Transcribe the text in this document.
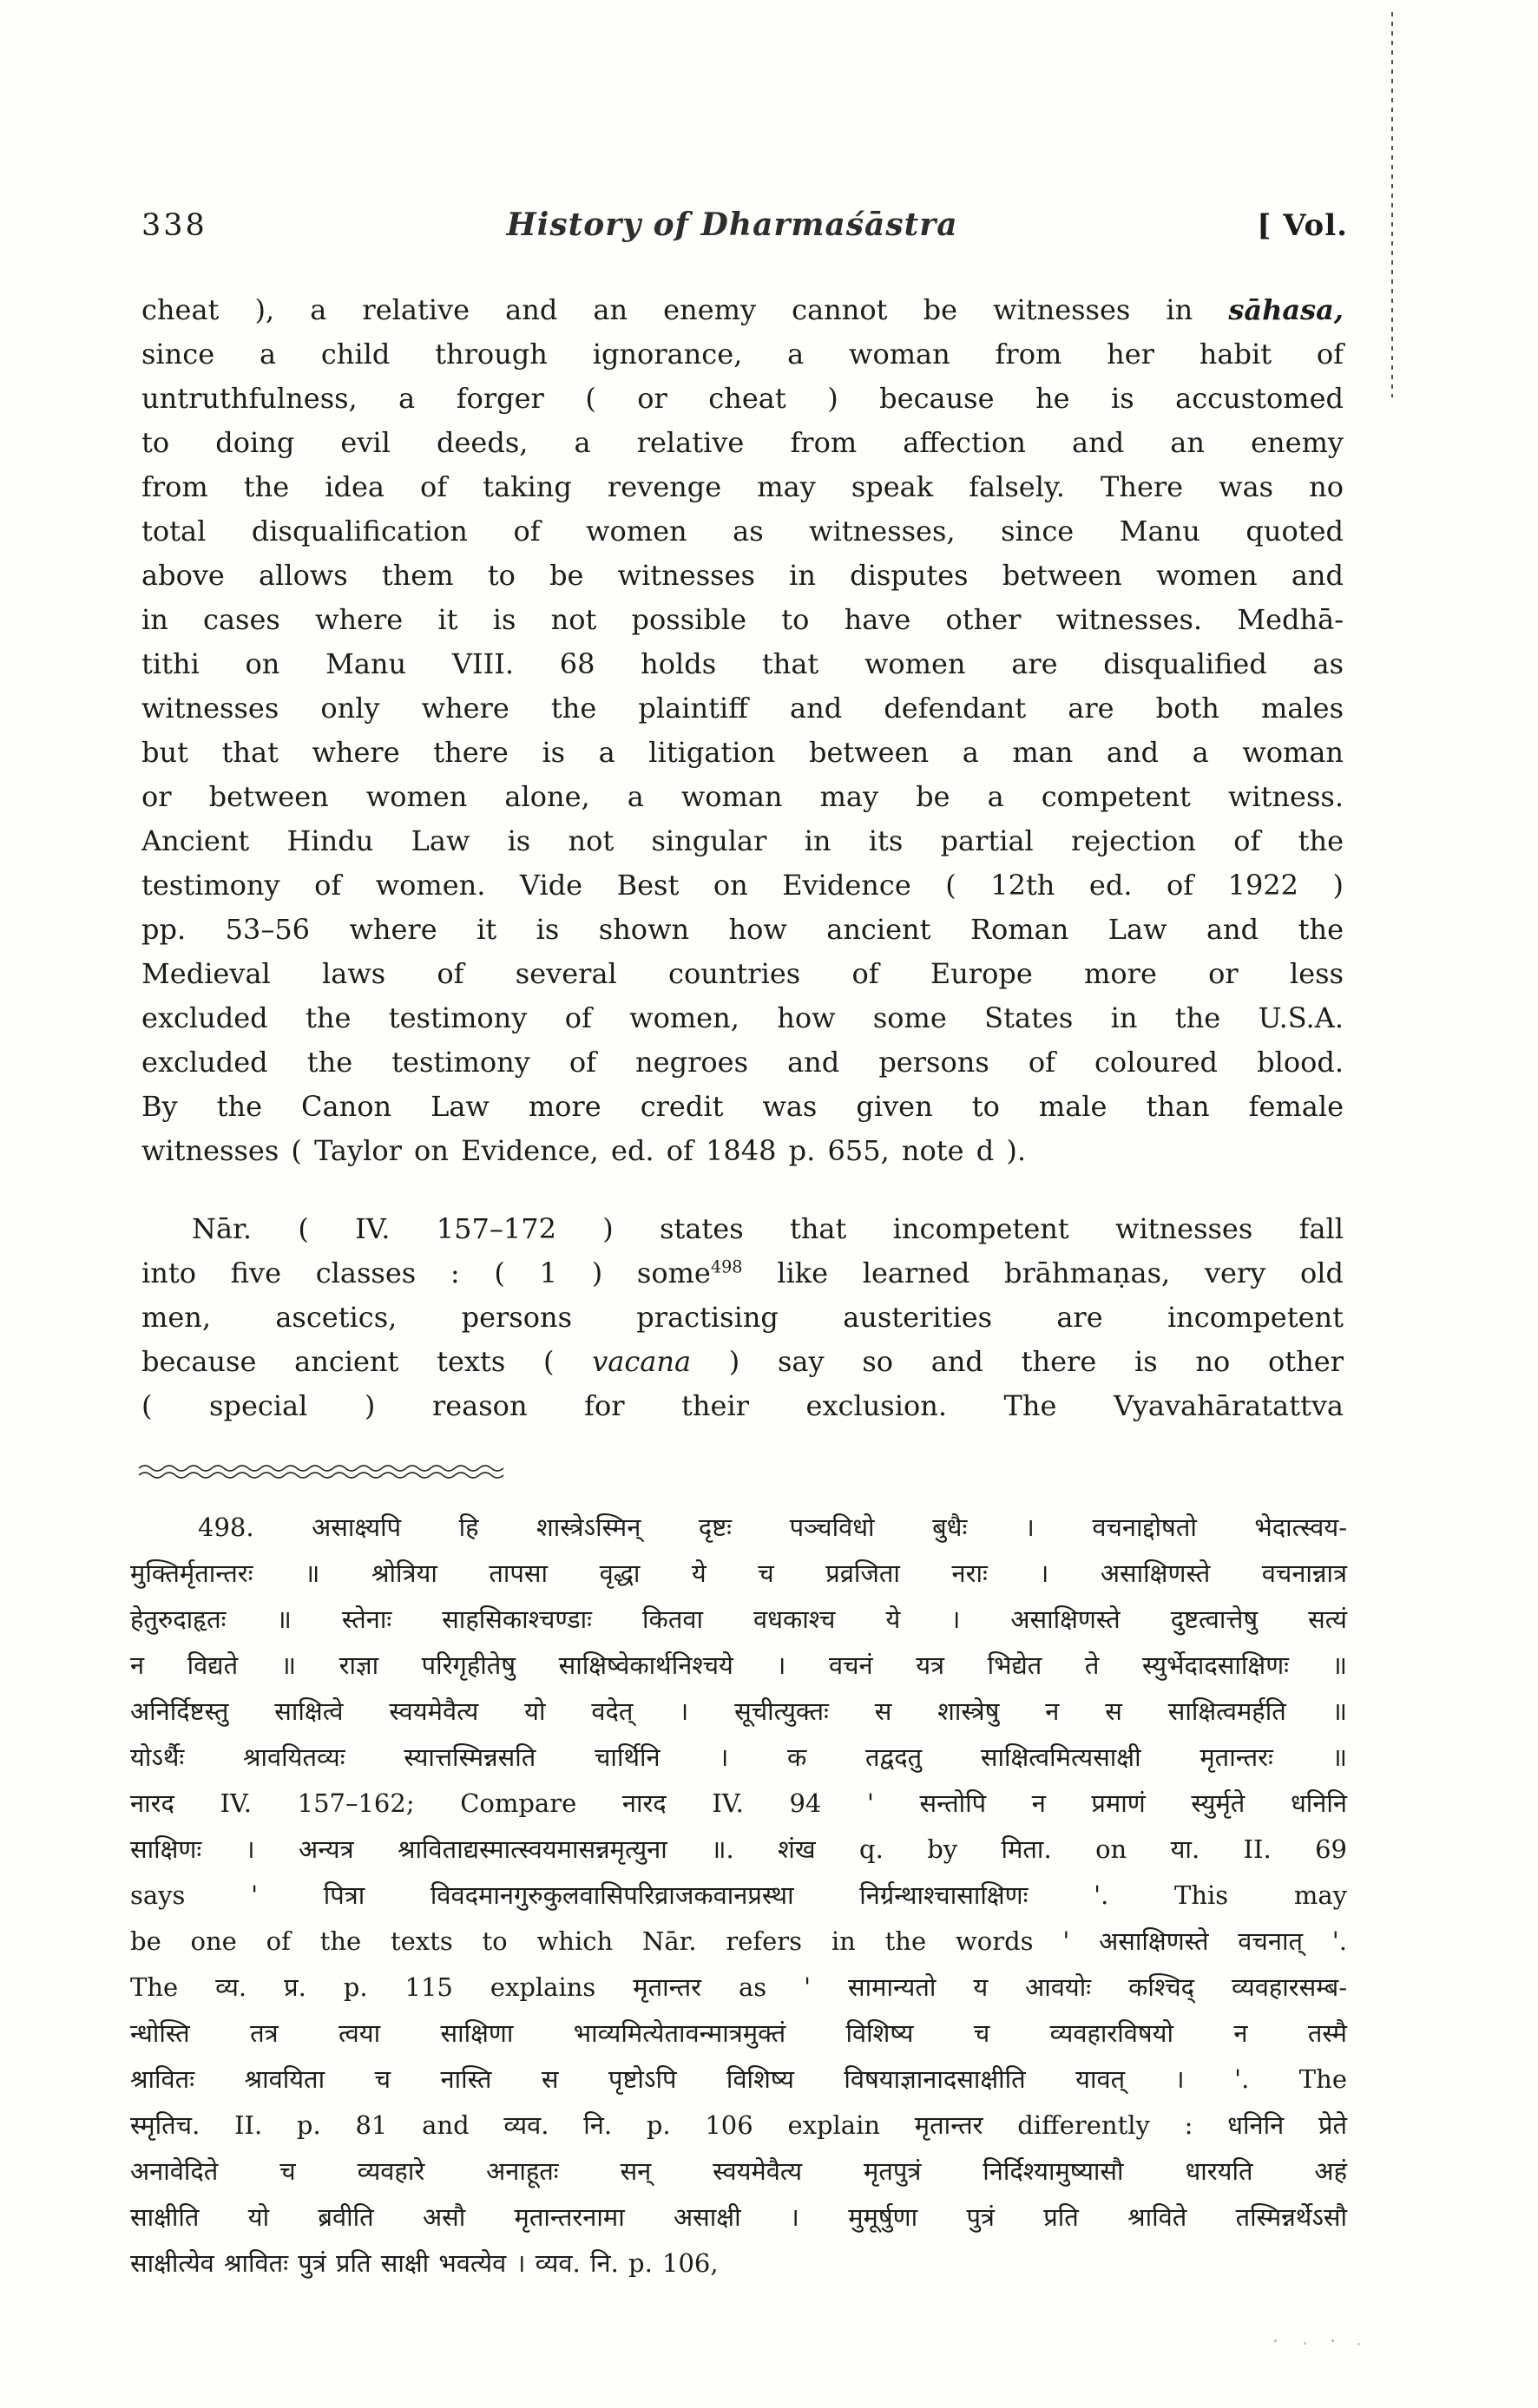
338	History of Dharmaśāstra	[ Vol.
cheat ), a relative and an enemy cannot be witnesses in sāhasa,
since a child through ignorance, a woman from her habit of
untruthfulness, a forger ( or cheat ) because he is accustomed
to doing evil deeds, a relative from affection and an enemy
from the idea of taking revenge may speak falsely. There was no
total disqualification of women as witnesses, since Manu quoted
above allows them to be witnesses in disputes between women and
in cases where it is not possible to have other witnesses. Medhā-
tithi on Manu VIII. 68 holds that women are disqualified as
witnesses only where the plaintiff and defendant are both males
but that where there is a litigation between a man and a woman
or between women alone, a woman may be a competent witness.
Ancient Hindu Law is not singular in its partial rejection of the
testimony of women. Vide Best on Evidence ( 12th ed. of 1922 )
pp. 53–56 where it is shown how ancient Roman Law and the
Medieval laws of several countries of Europe more or less
excluded the testimony of women, how some States in the U.S.A.
excluded the testimony of negroes and persons of coloured blood.
By the Canon Law more credit was given to male than female
witnesses ( Taylor on Evidence, ed. of 1848 p. 655, note d ).
Nār. ( IV. 157–172 ) states that incompetent witnesses fall
into five classes : ( 1 ) some$^{498}$ like learned brāhmaṇas, very old
men, ascetics, persons practising austerities are incompetent
because ancient texts ( vacana ) say so and there is no other
( special ) reason for their exclusion. The Vyavahāratattva
498. असाक्ष्यपि हि शास्त्रेऽस्मिन् दृष्टः पञ्चविधो बुधैः । वचनाद्दोषतो भेदात्स्वय-
मुक्तिर्मृतान्तरः ॥ श्रोत्रिया तापसा वृद्धा ये च प्रव्रजिता नराः । असाक्षिणस्ते वचनान्नात्र
हेतुरुदाहृतः ॥ स्तेनाः साहसिकाश्चण्डाः कितवा वधकाश्च ये । असाक्षिणस्ते दुष्टत्वात्तेषु सत्यं
न विद्यते ॥ राज्ञा परिगृहीतेषु साक्षिष्वेकार्थनिश्चये । वचनं यत्र भिद्येत ते स्युर्भेदादसाक्षिणः ॥
अनिर्दिष्टस्तु साक्षित्वे स्वयमेवैत्य यो वदेत् । सूचीत्युक्तः स शास्त्रेषु न स साक्षित्वमर्हति ॥
योऽर्थैः श्रावयितव्यः स्यात्तस्मिन्नसति चार्थिनि । क तद्वदतु साक्षित्वमित्यसाक्षी मृतान्तरः ॥
नारद IV. 157–162; Compare नारद IV. 94 ' सन्तोपि न प्रमाणं स्युर्मृते धनिनि
साक्षिणः । अन्यत्र श्राविताद्यस्मात्स्वयमासन्नमृत्युना ॥. शंख q. by मिता. on या. II. 69
says ' पित्रा विवदमानगुरुकुलवासिपरिव्राजकवानप्रस्था निर्ग्रन्थाश्चासाक्षिणः '. This may
be one of the texts to which Nār. refers in the words ' असाक्षिणस्ते वचनात् '.
The व्य. प्र. p. 115 explains मृतान्तर as ' सामान्यतो य आवयोः कश्चिद् व्यवहारसम्ब-
न्धोस्ति तत्र त्वया साक्षिणा भाव्यमित्येतावन्मात्रमुक्तं विशिष्य च व्यवहारविषयो न तस्मै
श्रावितः श्रावयिता च नास्ति स पृष्टोऽपि विशिष्य विषयाज्ञानादसाक्षीति यावत् । '. The
स्मृतिच. II. p. 81 and व्यव. नि. p. 106 explain मृतान्तर differently : धनिनि प्रेते
अनावेदिते च व्यवहारे अनाहूतः सन् स्वयमेवैत्य मृतपुत्रं निर्दिश्यामुष्यासौ धारयति अहं
साक्षीति यो ब्रवीति असौ मृतान्तरनामा असाक्षी । मुमूर्षुणा पुत्रं प्रति श्राविते तस्मिन्नर्थेऽसौ
साक्षीत्येव श्रावितः पुत्रं प्रति साक्षी भवत्येव । व्यव. नि. p. 106,
